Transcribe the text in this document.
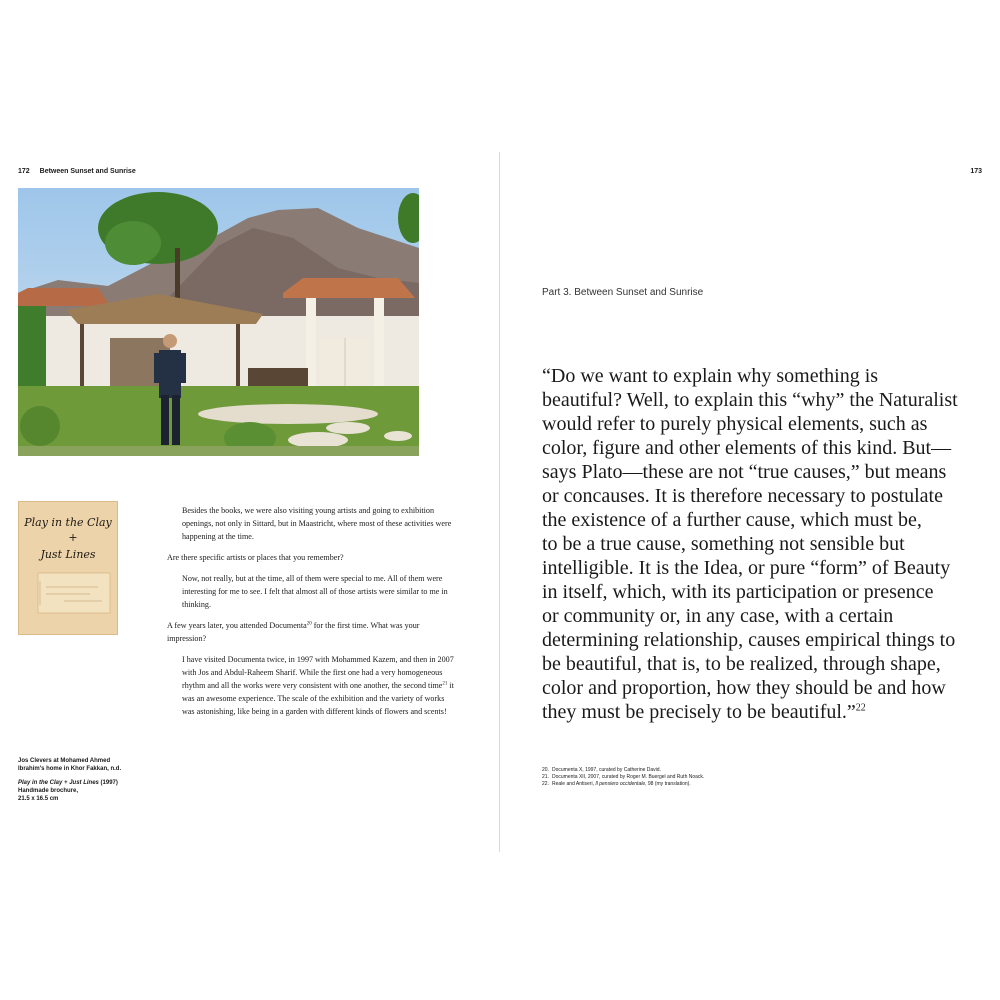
172 Between Sunset and Sunrise
Play in the Clay
+
Just Lines

Besides the books, we were also visiting young artists and going to exhibition openings, not only in Sittard, but in Maastricht, where most of these activities were happening at the time.

Are there specific artists or places that you remember?

Now, not really, but at the time, all of them were special to me. All of them were interesting for me to see. I felt that almost all of those artists were similar to me in thinking.

A few years later, you attended Documenta$^{20}$ for the first time. What was your impression?

I have visited Documenta twice, in 1997 with Mohammed Kazem, and then in 2007 with Jos and Abdul-Raheem Sharif. While the first one had a very homogeneous rhythm and all the works were very consistent with one another, the second time$^{21}$ it was an awesome experience. The scale of the exhibition and the variety of works was astonishing, like being in a garden with different kinds of flowers and scents!

Jos Clevers at Mohamed Ahmed Ibrahim's home in Khor Fakkan, n.d.

Play in the Clay + Just Lines (1997)
Handmade brochure,
21.5 x 16.5 cm

173
Part 3. Between Sunset and Sunrise
“Do we want to explain why something is
beautiful? Well, to explain this “why” the Naturalist
would refer to purely physical elements, such as
color, figure and other elements of this kind. But—
says Plato—these are not “true causes,” but means
or concauses. It is therefore necessary to postulate
the existence of a further cause, which must be,
to be a true cause, something not sensible but
intelligible. It is the Idea, or pure “form” of Beauty
in itself, which, with its participation or presence
or community or, in any case, with a certain
determining relationship, causes empirical things to
be beautiful, that is, to be realized, through shape,
color and proportion, how they should be and how
they must be precisely to be beautiful.”$^{22}$
20. Documenta X, 1997, curated by Catherine David.
21. Documenta XII, 2007, curated by Roger M. Buergel and Ruth Noack.
22. Reale and Antiseri, Il pensiero occidentale, 98 (my translation).
